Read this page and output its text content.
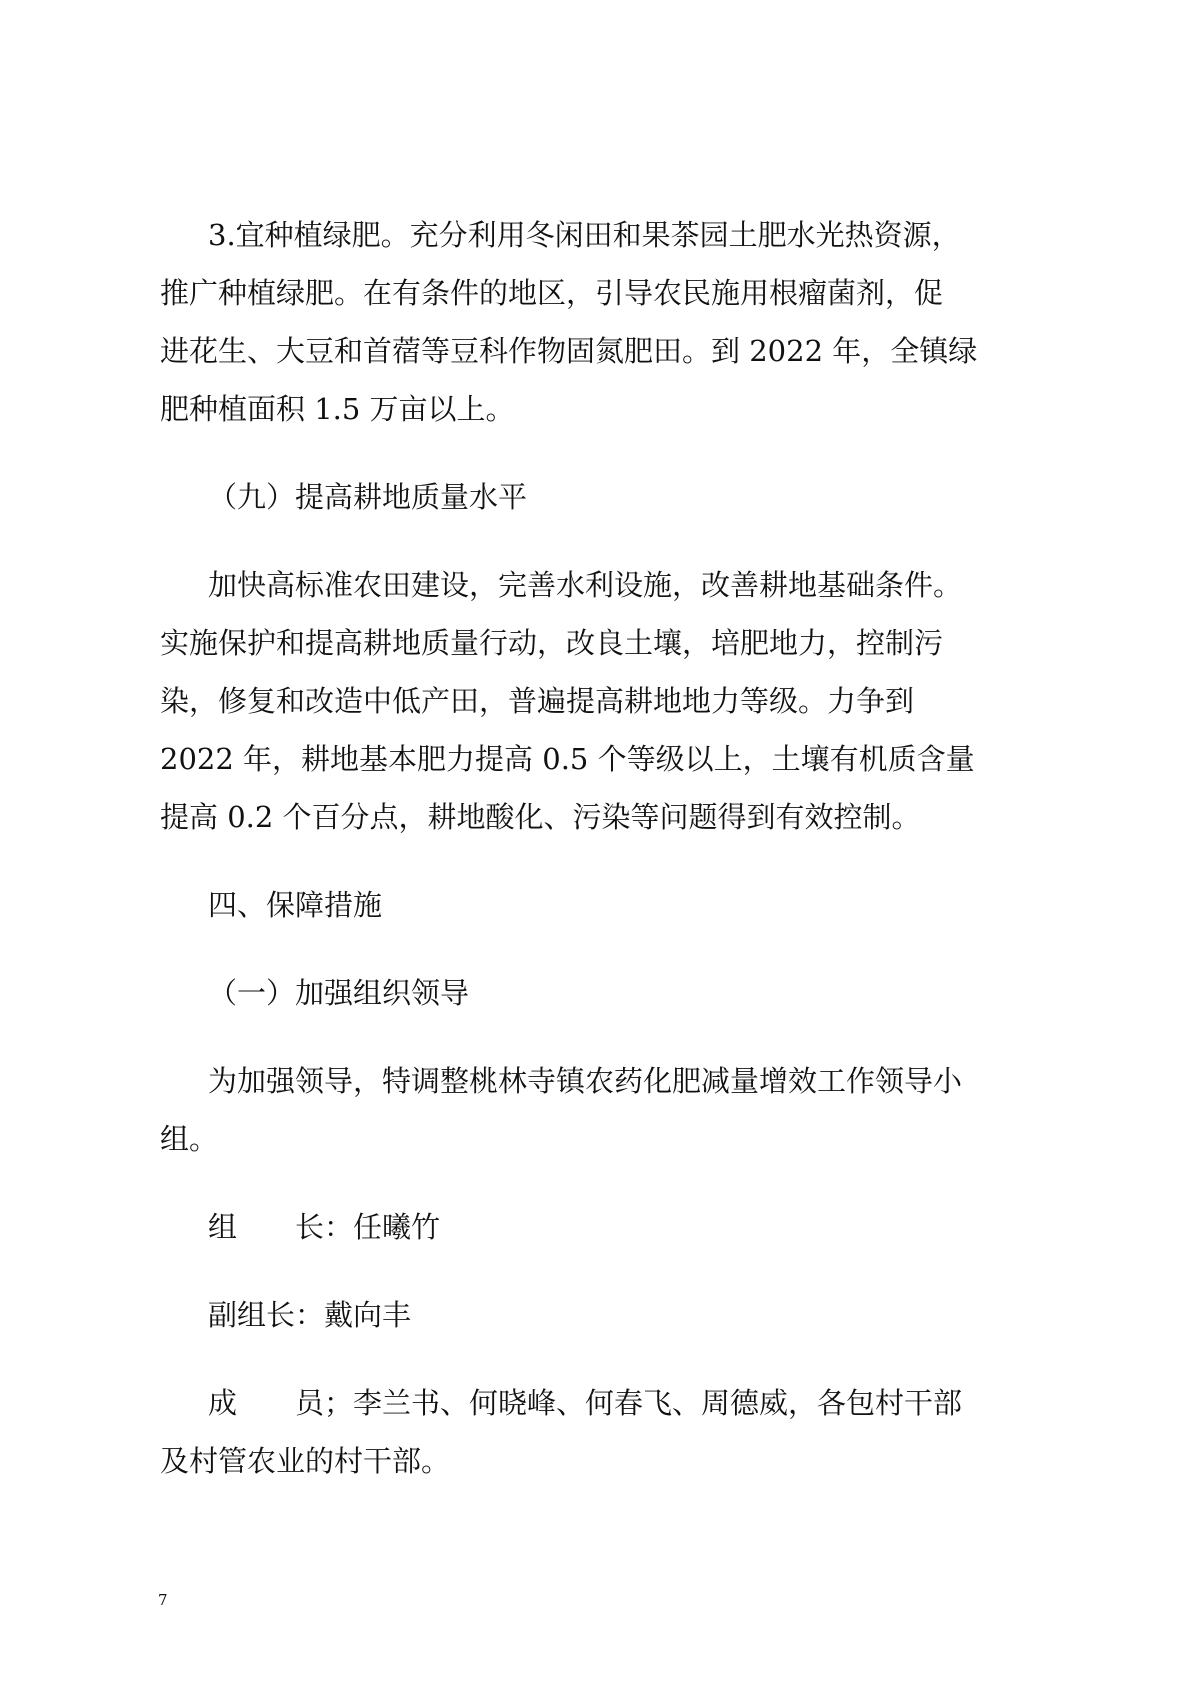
3.宜种植绿肥。充分利用冬闲田和果茶园土肥水光热资源，
推广种植绿肥。在有条件的地区，引导农民施用根瘤菌剂，促
进花生、大豆和首蓿等豆科作物固氮肥田。到 2022 年，全镇绿
肥种植面积 1.5 万亩以上。

（九）提高耕地质量水平

加快高标准农田建设，完善水利设施，改善耕地基础条件。
实施保护和提高耕地质量行动，改良土壤，培肥地力，控制污
染，修复和改造中低产田，普遍提高耕地地力等级。力争到
2022 年，耕地基本肥力提高 0.5 个等级以上，土壤有机质含量
提高 0.2 个百分点，耕地酸化、污染等问题得到有效控制。

四、保障措施

（一）加强组织领导

为加强领导，特调整桃林寺镇农药化肥减量增效工作领导小
组。

组　　长：任曦竹

副组长：戴向丰

成　　员；李兰书、何晓峰、何春飞、周德威，各包村干部
及村管农业的村干部。

7
